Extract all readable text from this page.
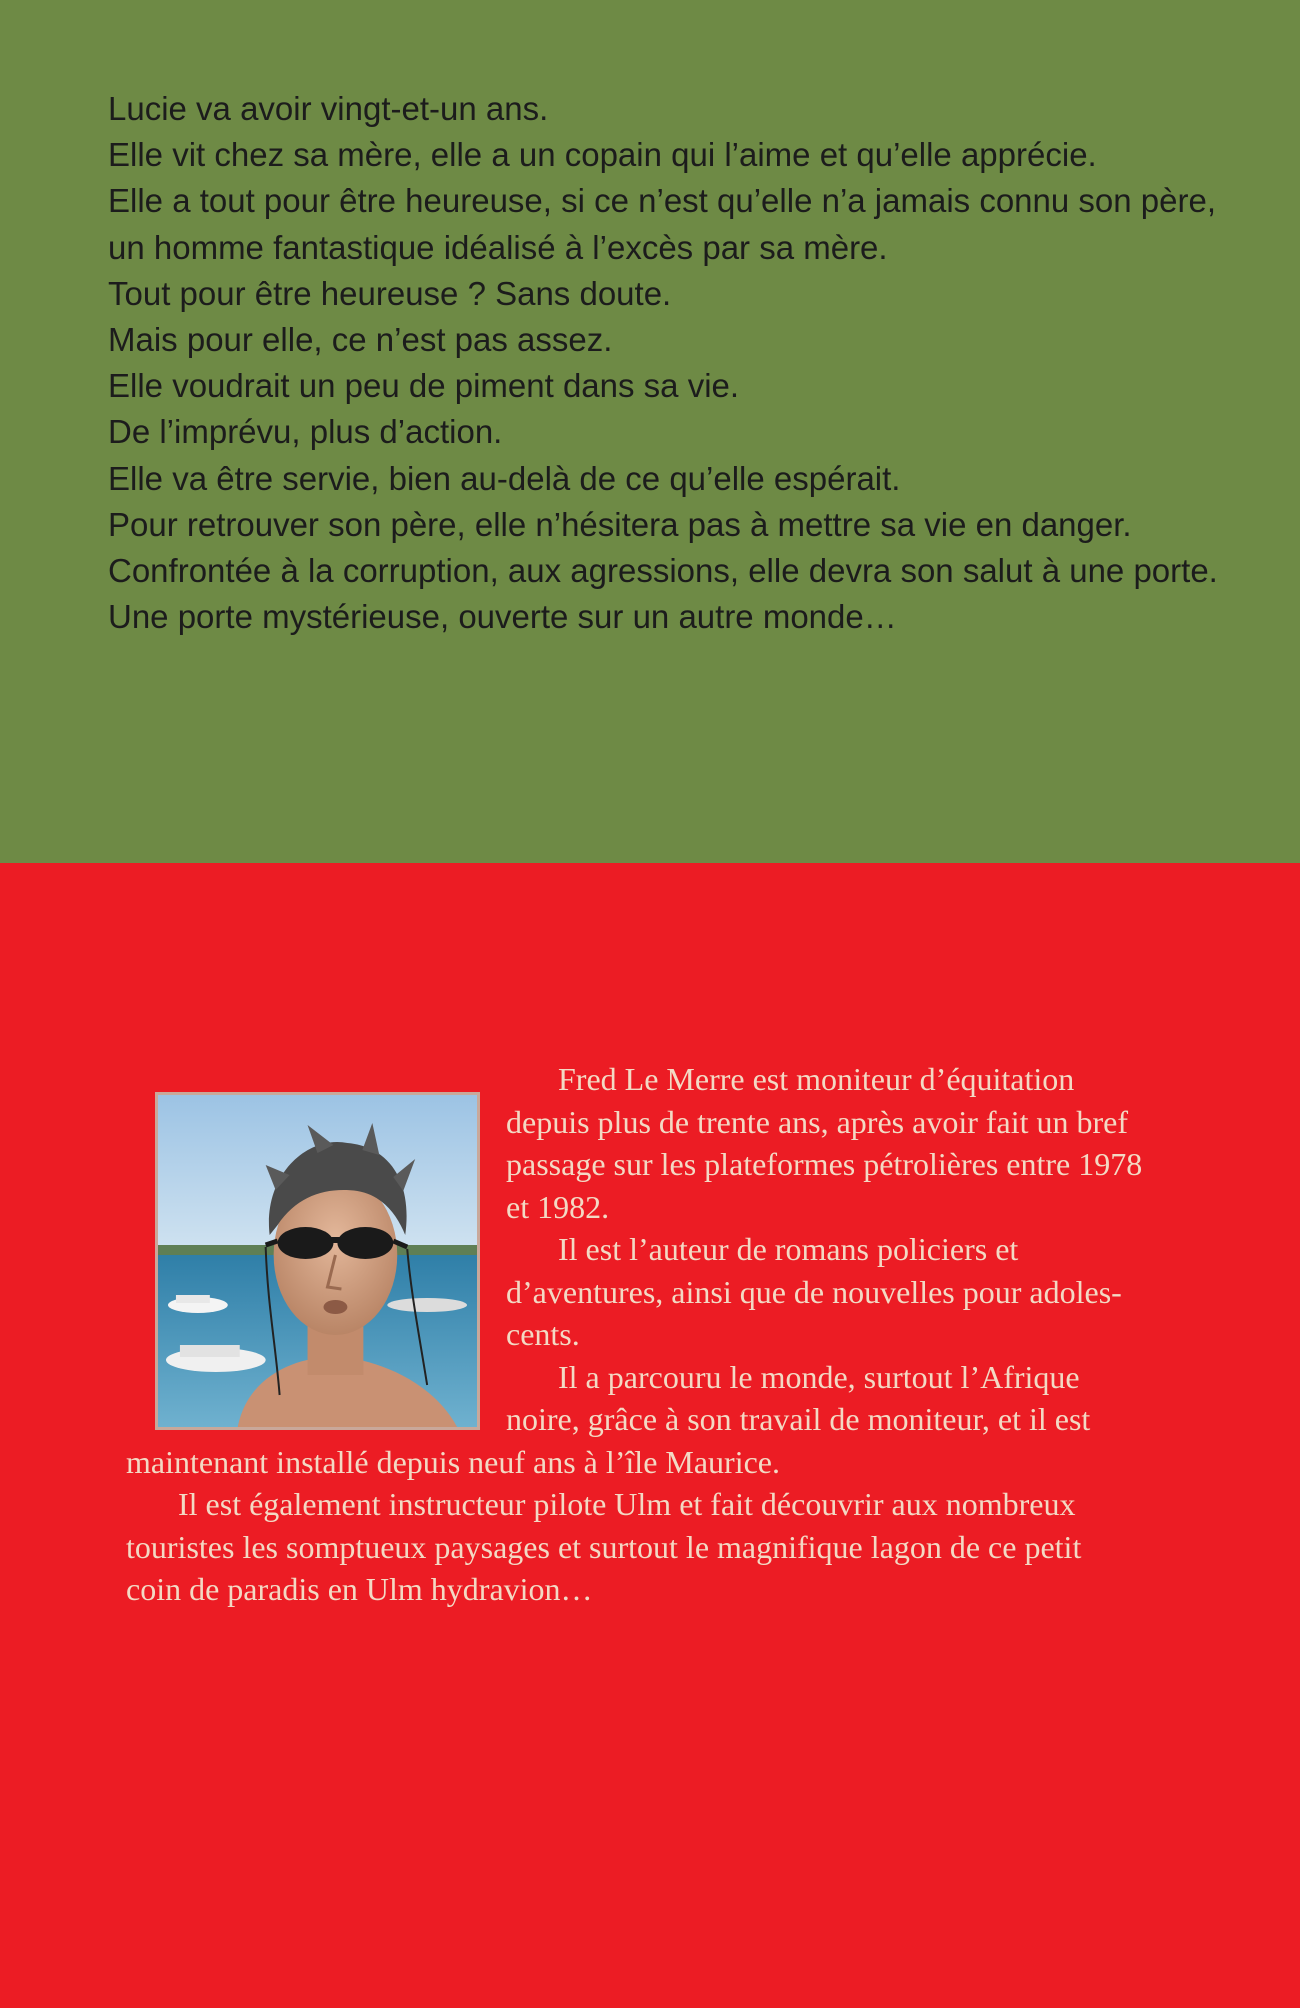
Lucie va avoir vingt-et-un ans.

Elle vit chez sa mère, elle a un copain qui l’aime et qu’elle apprécie.

Elle a tout pour être heureuse, si ce n’est qu’elle n’a jamais connu son père, un homme fantastique idéalisé à l’excès par sa mère.

Tout pour être heureuse ? Sans doute.

Mais pour elle, ce n’est pas assez.

Elle voudrait un peu de piment dans sa vie.

De l’imprévu, plus d’action.

Elle va être servie, bien au-delà de ce qu’elle espérait.

Pour retrouver son père, elle n’hésitera pas à mettre sa vie en danger.

Confrontée à la corruption, aux agressions, elle devra son salut à une porte.

Une porte mystérieuse, ouverte sur un autre monde…

Fred Le Merre est moniteur d’équitation
depuis plus de trente ans, après avoir fait un bref
passage sur les plateformes pétrolières entre 1978
et 1982.

Il est l’auteur de romans policiers et
d’aventures, ainsi que de nouvelles pour adoles-
cents.

Il a parcouru le monde, surtout l’Afrique
noire, grâce à son travail de moniteur, et il est
maintenant installé depuis neuf ans à l’île Maurice.

Il est également instructeur pilote Ulm et fait découvrir aux nombreux
touristes les somptueux paysages et surtout le magnifique lagon de ce petit
coin de paradis en Ulm hydravion…
